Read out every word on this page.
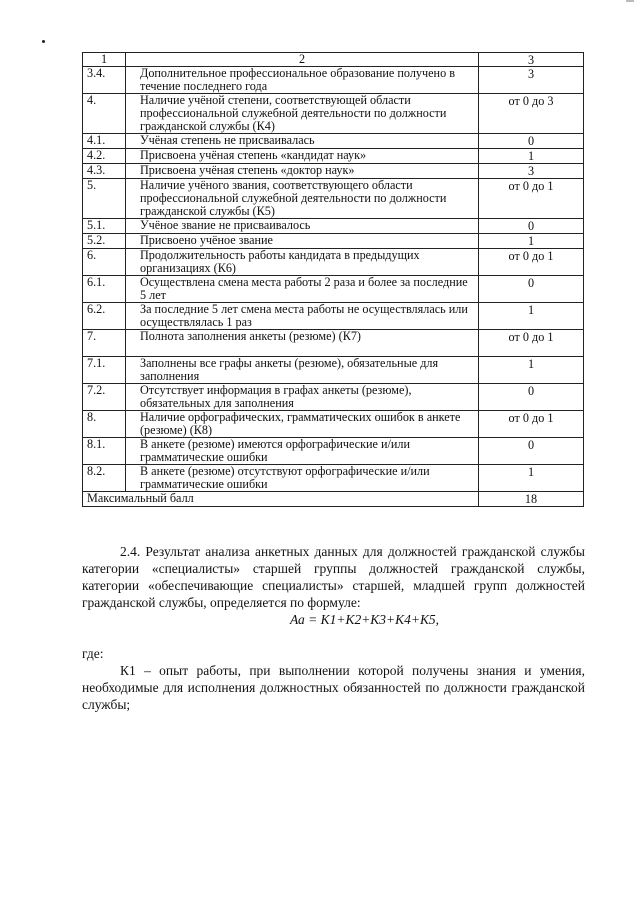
1	2	3
3.4.	Дополнительное профессиональное образование получено в течение последнего года	3
4.	Наличие учёной степени, соответствующей области профессиональной служебной деятельности по должности гражданской службы (К4)	от 0 до 3
4.1.	Учёная степень не присваивалась	0
4.2.	Присвоена учёная степень «кандидат наук»	1
4.3.	Присвоена учёная степень «доктор наук»	3
5.	Наличие учёного звания, соответствующего области профессиональной служебной деятельности по должности гражданской службы (К5)	от 0 до 1
5.1.	Учёное звание не присваивалось	0
5.2.	Присвоено учёное звание	1
6.	Продолжительность работы кандидата в предыдущих организациях (К6)	от 0 до 1
6.1.	Осуществлена смена места работы 2 раза и более за последние 5 лет	0
6.2.	За последние 5 лет смена места работы не осуществлялась или осуществлялась 1 раз	1
7.	Полнота заполнения анкеты (резюме) (К7)	от 0 до 1
7.1.	Заполнены все графы анкеты (резюме), обязательные для заполнения	1
7.2.	Отсутствует информация в графах анкеты (резюме), обязательных для заполнения	0
8.	Наличие орфографических, грамматических ошибок в анкете (резюме) (К8)	от 0 до 1
8.1.	В анкете (резюме) имеются орфографические и/или грамматические ошибки	0
8.2.	В анкете (резюме) отсутствуют орфографические и/или грамматические ошибки	1
Максимальный балл		18
2.4. Результат анализа анкетных данных для должностей гражданской службы категории «специалисты» старшей группы должностей гражданской службы, категории «обеспечивающие специалисты» старшей, младшей групп должностей гражданской службы, определяется по формуле:
Аа = К1+К2+К3+К4+К5,
где:
К1 – опыт работы, при выполнении которой получены знания и умения, необходимые для исполнения должностных обязанностей по должности гражданской службы;
